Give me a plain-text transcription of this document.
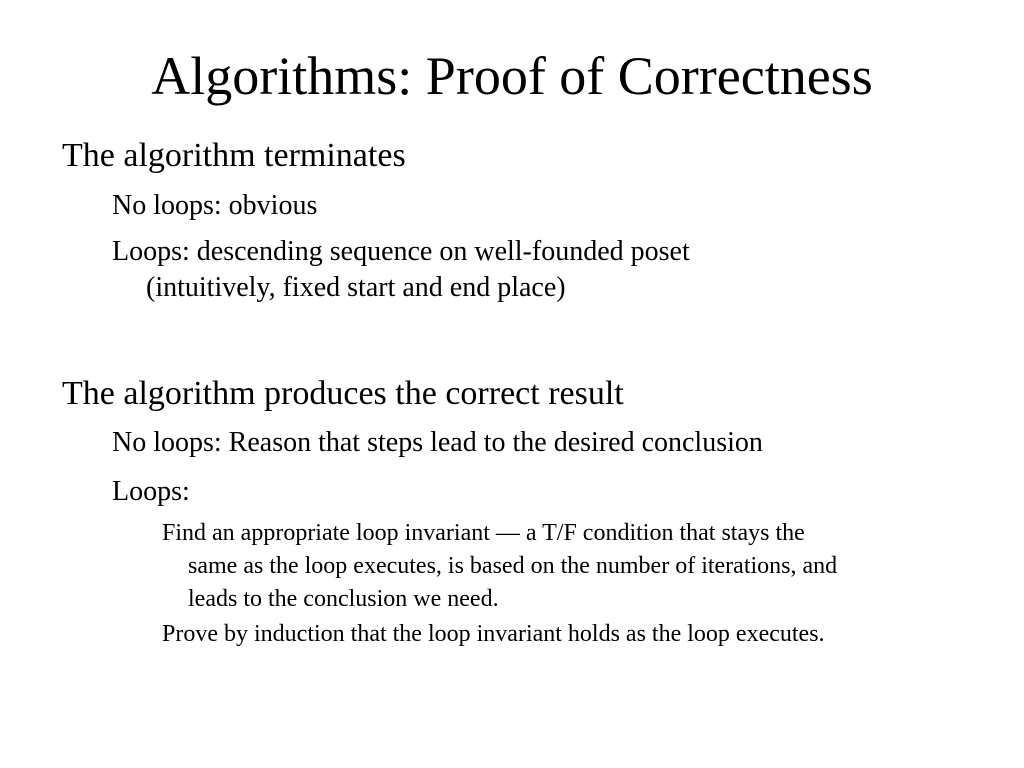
Algorithms: Proof of Correctness

The algorithm terminates

No loops: obvious

Loops: descending sequence on well-founded poset
(intuitively, fixed start and end place)

The algorithm produces the correct result

No loops: Reason that steps lead to the desired conclusion

Loops:

Find an appropriate loop invariant — a T/F condition that stays the
same as the loop executes, is based on the number of iterations, and
leads to the conclusion we need.

Prove by induction that the loop invariant holds as the loop executes.
